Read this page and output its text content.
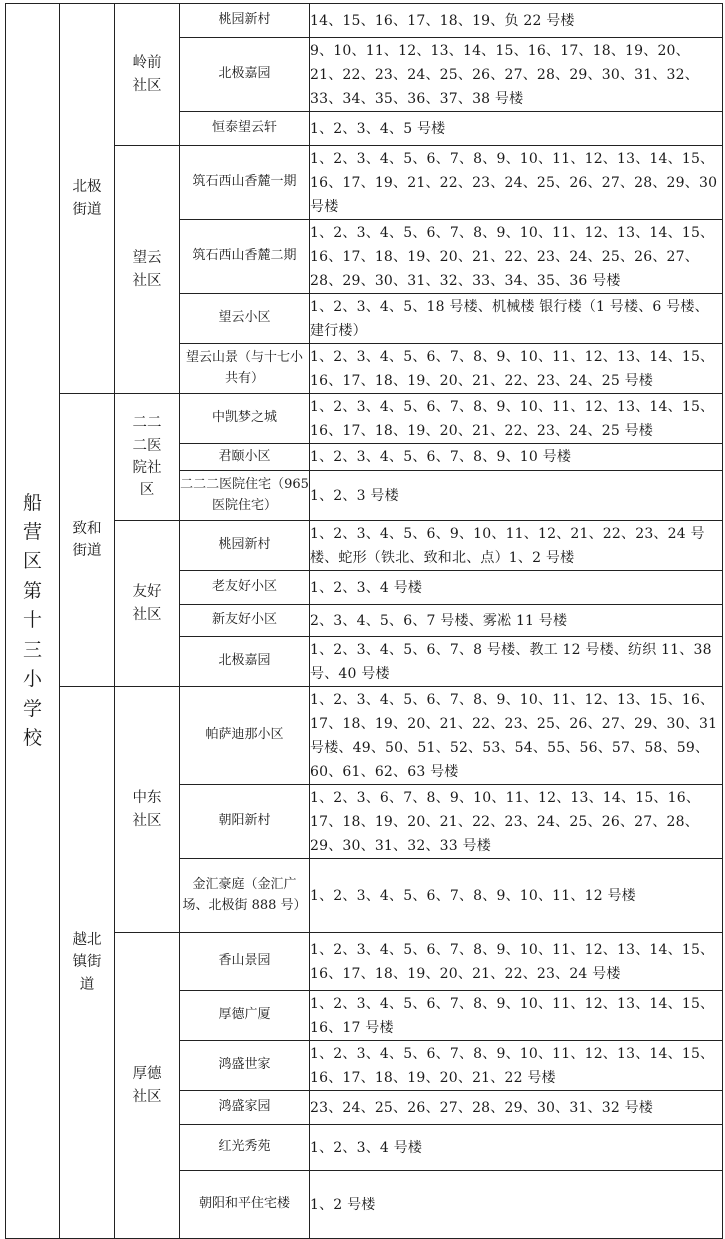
船营区第十三小学校	北极街道	岭前社区	桃园新村	14、15、16、17、18、19、负 22 号楼
			北极嘉园	9、10、11、12、13、14、15、16、17、18、19、20、21、22、23、24、25、26、27、28、29、30、31、32、33、34、35、36、37、38 号楼
			恒泰望云轩	1、2、3、4、5 号楼

		望云社区	筑石西山香麓一期	1、2、3、4、5、6、7、8、9、10、11、12、13、14、15、16、17、19、21、22、23、24、25、26、27、28、29、30 号楼
			筑石西山香麓二期	1、2、3、4、5、6、7、8、9、10、11、12、13、14、15、16、17、18、19、20、21、22、23、24、25、26、27、28、29、30、31、32、33、34、35、36 号楼
			望云小区	1、2、3、4、5、18 号楼、机械楼 银行楼（1 号楼、6 号楼、建行楼）
			望云山景（与十七小共有）	1、2、3、4、5、6、7、8、9、10、11、12、13、14、15、16、17、18、19、20、21、22、23、24、25 号楼

	致和街道	二二二医院社区	中凯梦之城	1、2、3、4、5、6、7、8、9、10、11、12、13、14、15、16、17、18、19、20、21、22、23、24、25 号楼
			君颐小区	1、2、3、4、5、6、7、8、9、10 号楼
			二二二医院住宅（965 医院住宅）	1、2、3 号楼

		友好社区	桃园新村	1、2、3、4、5、6、9、10、11、12、21、22、23、24 号楼、蛇形（铁北、致和北、点）1、2 号楼
			老友好小区	1、2、3、4 号楼
			新友好小区	2、3、4、5、6、7 号楼、雾凇 11 号楼
			北极嘉园	1、2、3、4、5、6、7、8 号楼、教工 12 号楼、纺织 11、38 号、40 号楼

	越北镇街道	中东社区	帕萨迪那小区	1、2、3、4、5、6、7、8、9、10、11、12、13、15、16、17、18、19、20、21、22、23、25、26、27、29、30、31 号楼、49、50、51、52、53、54、55、56、57、58、59、60、61、62、63 号楼
			朝阳新村	1、2、3、6、7、8、9、10、11、12、13、14、15、16、17、18、19、20、21、22、23、24、25、26、27、28、29、30、31、32、33 号楼
			金汇豪庭（金汇广场、北极街 888 号）	1、2、3、4、5、6、7、8、9、10、11、12 号楼

		厚德社区	香山景园	1、2、3、4、5、6、7、8、9、10、11、12、13、14、15、16、17、18、19、20、21、22、23、24 号楼
			厚德广厦	1、2、3、4、5、6、7、8、9、10、11、12、13、14、15、16、17 号楼
			鸿盛世家	1、2、3、4、5、6、7、8、9、10、11、12、13、14、15、16、17、18、19、20、21、22 号楼
			鸿盛家园	23、24、25、26、27、28、29、30、31、32 号楼
			红光秀苑	1、2、3、4 号楼
			朝阳和平住宅楼	1、2 号楼
